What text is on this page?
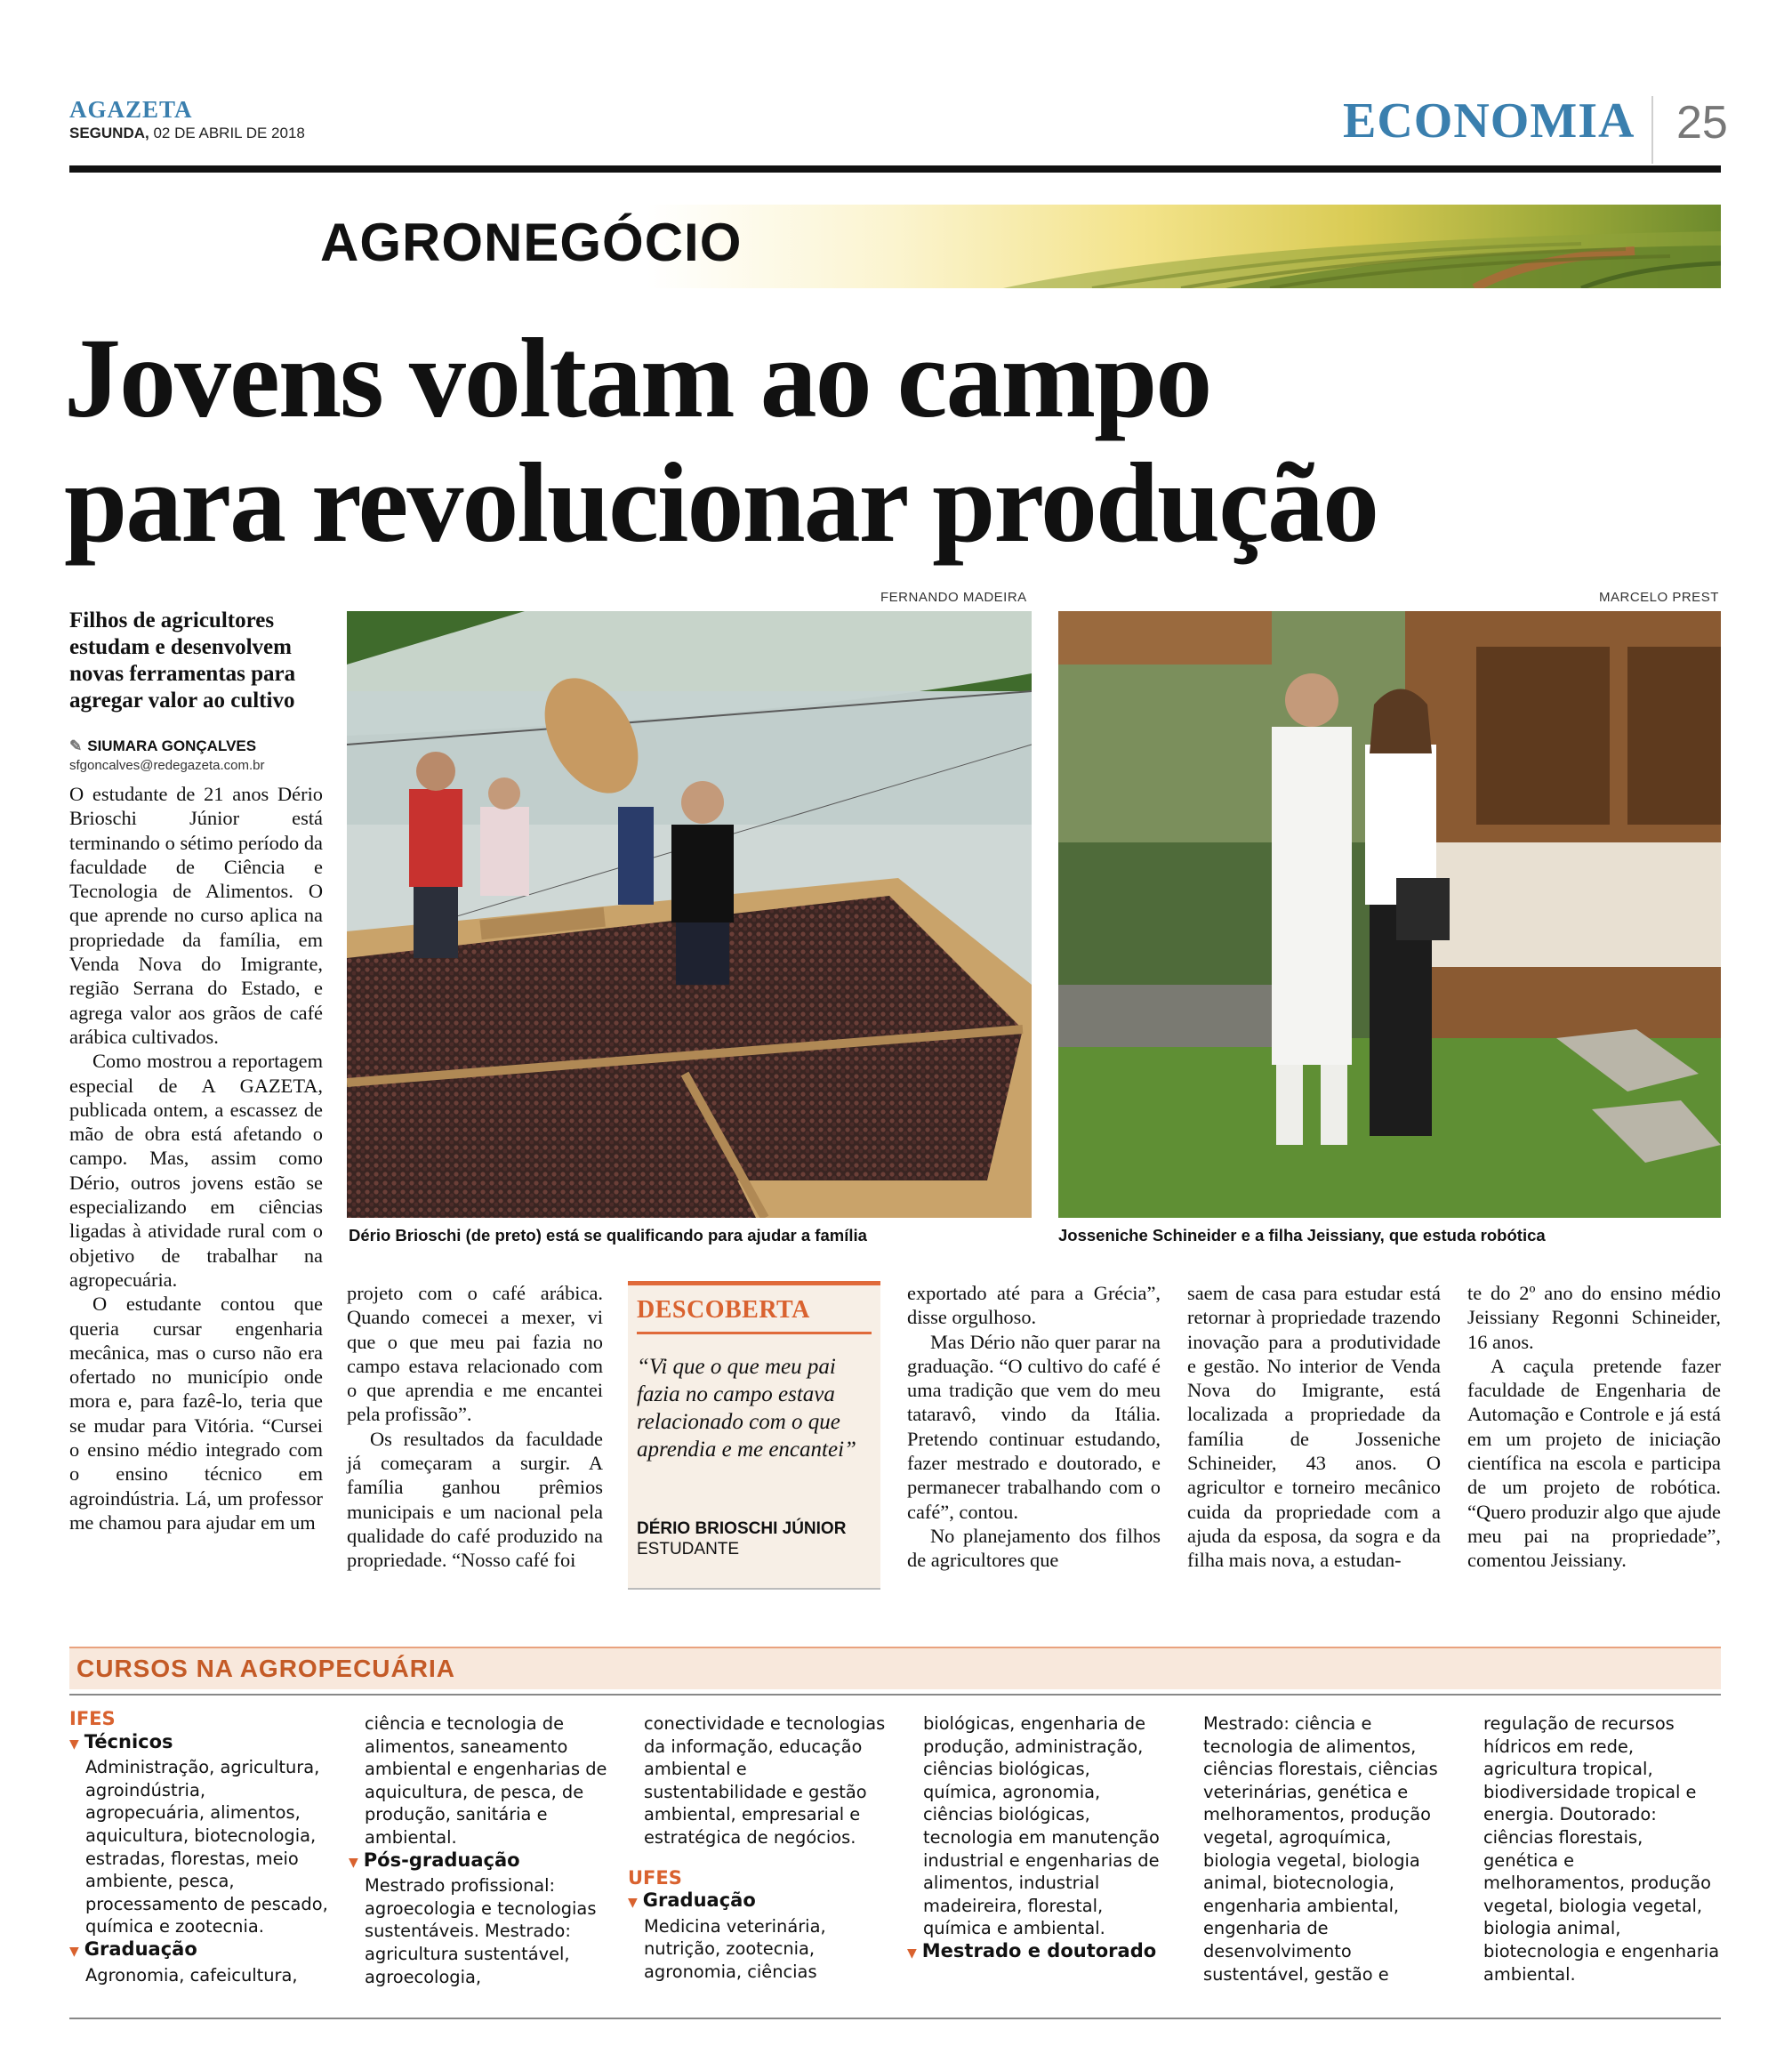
AGAZETA
SEGUNDA, 02 DE ABRIL DE 2018	ECONOMIA 25
AGRONEGÓCIO
Jovens voltam ao campo
para revolucionar produção
FERNANDO MADEIRA	MARCELO PREST
Filhos de agricultores estudam e desenvolvem novas ferramentas para agregar valor ao cultivo
✎ SIUMARA GONÇALVES
sfgoncalves@redegazeta.com.br

O estudante de 21 anos Dério Brioschi Júnior está terminando o sétimo período da faculdade de Ciência e Tecnologia de Alimentos. O que aprende no curso aplica na propriedade da família, em Venda Nova do Imigrante, região Serrana do Estado, e agrega valor aos grãos de café arábica cultivados.

Como mostrou a reportagem especial de A GAZETA, publicada ontem, a escassez de mão de obra está afetando o campo. Mas, assim como Dério, outros jovens estão se especializando em ciências ligadas à atividade rural com o objetivo de trabalhar na agropecuária.

O estudante contou que queria cursar engenharia mecânica, mas o curso não era ofertado no município onde mora e, para fazê-lo, teria que se mudar para Vitória. “Cursei o ensino médio integrado com o ensino técnico em agroindústria. Lá, um professor me chamou para ajudar em um

Dério Brioschi (de preto) está se qualificando para ajudar a família	Josseniche Schineider e a filha Jeissiany, que estuda robótica

projeto com o café arábica. Quando comecei a mexer, vi que o que meu pai fazia no campo estava relacionado com o que aprendia e me encantei pela profissão”.

Os resultados da faculdade já começaram a surgir. A família ganhou prêmios municipais e um nacional pela qualidade do café produzido na propriedade. “Nosso café foi

DESCOBERTA
“Vi que o que meu pai fazia no campo estava relacionado com o que aprendia e me encantei”
DÉRIO BRIOSCHI JÚNIOR ESTUDANTE

exportado até para a Grécia”, disse orgulhoso.

Mas Dério não quer parar na graduação. “O cultivo do café é uma tradição que vem do meu tataravô, vindo da Itália. Pretendo continuar estudando, fazer mestrado e doutorado, e permanecer trabalhando com o café”, contou.

No planejamento dos filhos de agricultores que

saem de casa para estudar está retornar à propriedade trazendo inovação para a produtividade e gestão. No interior de Venda Nova do Imigrante, está localizada a propriedade da família de Josseniche Schineider, 43 anos. O agricultor e torneiro mecânico cuida da propriedade com a ajuda da esposa, da sogra e da filha mais nova, a estudan-

te do 2º ano do ensino médio Jeissiany Regonni Schineider, 16 anos.

A caçula pretende fazer faculdade de Engenharia de Automação e Controle e já está em um projeto de iniciação científica na escola e participa de um projeto de robótica. “Quero produzir algo que ajude meu pai na propriedade”, comentou Jeissiany.

CURSOS NA AGROPECUÁRIA
IFES
▼ Técnicos
Administração, agricultura, agroindústria, agropecuária, alimentos, aquicultura, biotecnologia, estradas, florestas, meio ambiente, pesca, processamento de pescado, química e zootecnia.
▼ Graduação
Agronomia, cafeicultura,
ciência e tecnologia de alimentos, saneamento ambiental e engenharias de aquicultura, de pesca, de produção, sanitária e ambiental.
▼ Pós-graduação
Mestrado profissional: agroecologia e tecnologias sustentáveis. Mestrado: agricultura sustentável, agroecologia,
conectividade e tecnologias da informação, educação ambiental e sustentabilidade e gestão ambiental, empresarial e estratégica de negócios.
UFES
▼ Graduação
Medicina veterinária, nutrição, zootecnia, agronomia, ciências
biológicas, engenharia de produção, administração, ciências biológicas, química, agronomia, ciências biológicas, tecnologia em manutenção industrial e engenharias de alimentos, industrial madeireira, florestal, química e ambiental.
▼ Mestrado e doutorado
Mestrado: ciência e tecnologia de alimentos, ciências florestais, ciências veterinárias, genética e melhoramentos, produção vegetal, agroquímica, biologia vegetal, biologia animal, biotecnologia, engenharia ambiental, engenharia de desenvolvimento sustentável, gestão e
regulação de recursos hídricos em rede, agricultura tropical, biodiversidade tropical e energia. Doutorado: ciências florestais, genética e melhoramentos, produção vegetal, biologia vegetal, biologia animal, biotecnologia e engenharia ambiental.
